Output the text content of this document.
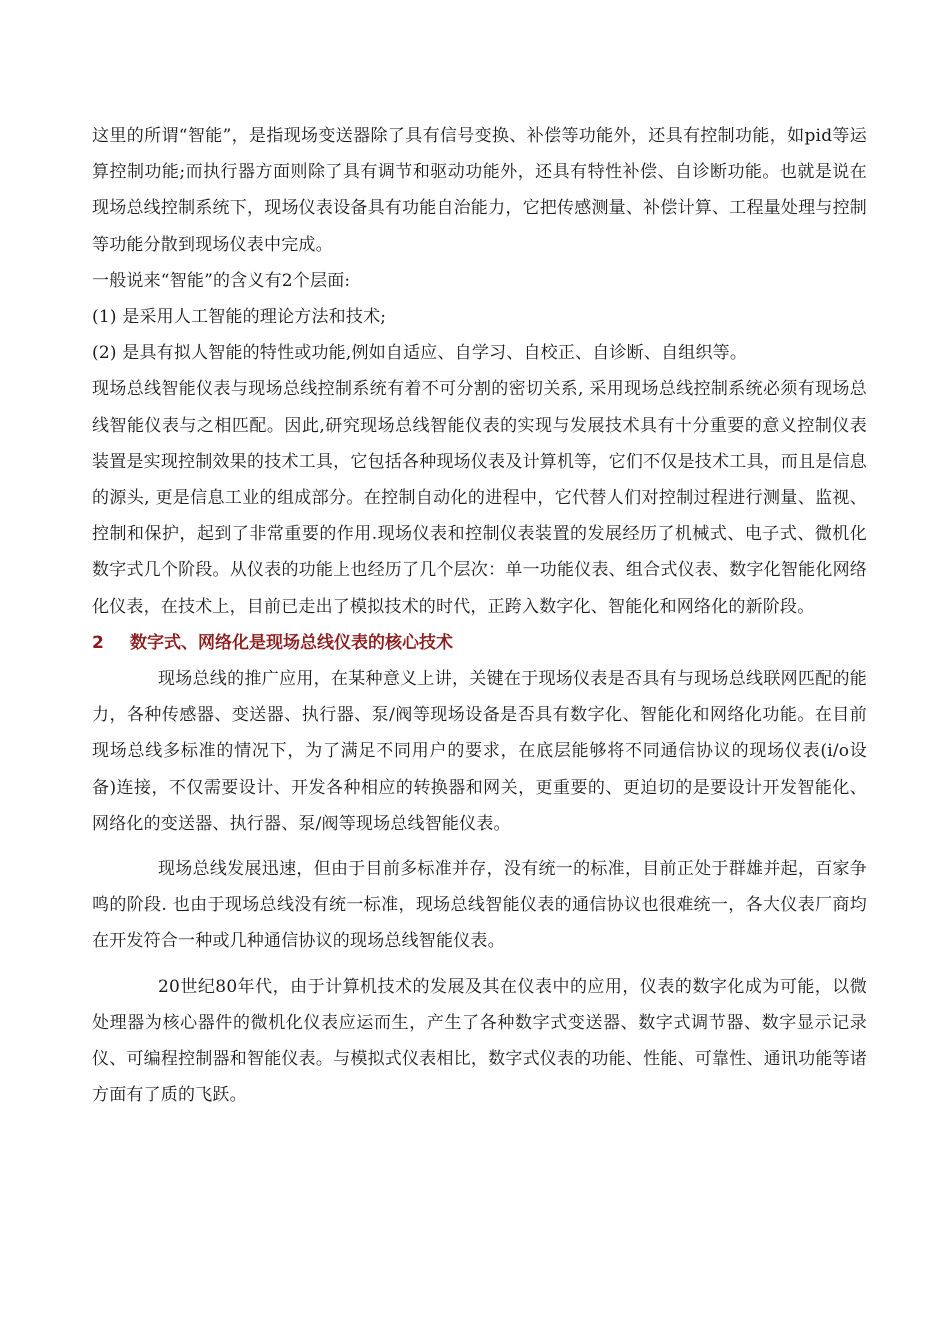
这里的所谓“智能”，是指现场变送器除了具有信号变换、补偿等功能外，还具有控制功能，如pid等运算控制功能;而执行器方面则除了具有调节和驱动功能外，还具有特性补偿、自诊断功能。也就是说在现场总线控制系统下，现场仪表设备具有功能自治能力，它把传感测量、补偿计算、工程量处理与控制等功能分散到现场仪表中完成。

一般说来“智能”的含义有2个层面:

(1) 是采用人工智能的理论方法和技术;

(2) 是具有拟人智能的特性或功能,例如自适应、自学习、自校正、自诊断、自组织等。

现场总线智能仪表与现场总线控制系统有着不可分割的密切关系, 采用现场总线控制系统必须有现场总线智能仪表与之相匹配。因此,研究现场总线智能仪表的实现与发展技术具有十分重要的意义控制仪表装置是实现控制效果的技术工具，它包括各种现场仪表及计算机等，它们不仅是技术工具，而且是信息的源头, 更是信息工业的组成部分。在控制自动化的进程中，它代替人们对控制过程进行测量、监视、控制和保护，起到了非常重要的作用.现场仪表和控制仪表装置的发展经历了机械式、电子式、微机化数字式几个阶段。从仪表的功能上也经历了几个层次：单一功能仪表、组合式仪表、数字化智能化网络化仪表，在技术上，目前已走出了模拟技术的时代，正跨入数字化、智能化和网络化的新阶段。

2 数字式、网络化是现场总线仪表的核心技术

现场总线的推广应用，在某种意义上讲，关键在于现场仪表是否具有与现场总线联网匹配的能力，各种传感器、变送器、执行器、泵/阀等现场设备是否具有数字化、智能化和网络化功能。在目前现场总线多标准的情况下，为了满足不同用户的要求，在底层能够将不同通信协议的现场仪表(i/o设备)连接，不仅需要设计、开发各种相应的转换器和网关，更重要的、更迫切的是要设计开发智能化、网络化的变送器、执行器、泵/阀等现场总线智能仪表。

现场总线发展迅速，但由于目前多标准并存，没有统一的标准，目前正处于群雄并起，百家争鸣的阶段. 也由于现场总线没有统一标准，现场总线智能仪表的通信协议也很难统一，各大仪表厂商均在开发符合一种或几种通信协议的现场总线智能仪表。

20世纪80年代，由于计算机技术的发展及其在仪表中的应用，仪表的数字化成为可能，以微处理器为核心器件的微机化仪表应运而生，产生了各种数字式变送器、数字式调节器、数字显示记录仪、可编程控制器和智能仪表。与模拟式仪表相比，数字式仪表的功能、性能、可靠性、通讯功能等诸方面有了质的飞跃。
